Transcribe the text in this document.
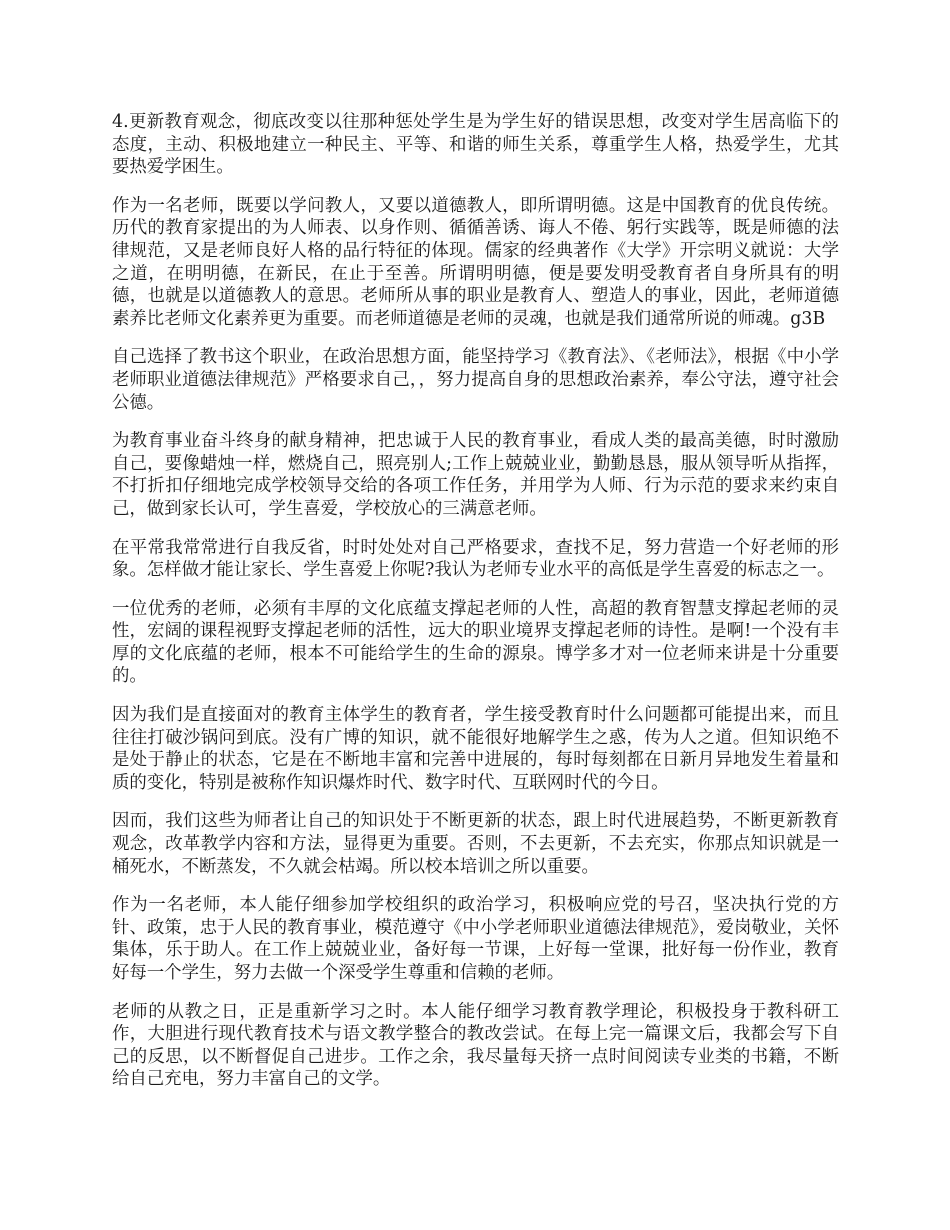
4.更新教育观念，彻底改变以往那种惩处学生是为学生好的错误思想，改变对学生居高临下的态度，主动、积极地建立一种民主、平等、和谐的师生关系，尊重学生人格，热爱学生，尤其要热爱学困生。

作为一名老师，既要以学问教人，又要以道德教人，即所谓明德。这是中国教育的优良传统。历代的教育家提出的为人师表、以身作则、循循善诱、诲人不倦、躬行实践等，既是师德的法律规范，又是老师良好人格的品行特征的体现。儒家的经典著作《大学》开宗明义就说：大学之道，在明明德，在新民，在止于至善。所谓明明德，便是要发明受教育者自身所具有的明德，也就是以道德教人的意思。老师所从事的职业是教育人、塑造人的事业，因此，老师道德素养比老师文化素养更为重要。而老师道德是老师的灵魂，也就是我们通常所说的师魂。g3B

自己选择了教书这个职业，在政治思想方面，能坚持学习《教育法》、《老师法》，根据《中小学老师职业道德法律规范》严格要求自己，，努力提高自身的思想政治素养，奉公守法，遵守社会公德。

为教育事业奋斗终身的献身精神，把忠诚于人民的教育事业，看成人类的最高美德，时时激励自己，要像蜡烛一样，燃烧自己，照亮别人;工作上兢兢业业，勤勤恳恳，服从领导听从指挥，不打折扣仔细地完成学校领导交给的各项工作任务，并用学为人师、行为示范的要求来约束自己，做到家长认可，学生喜爱，学校放心的三满意老师。

在平常我常常进行自我反省，时时处处对自己严格要求，查找不足，努力营造一个好老师的形象。怎样做才能让家长、学生喜爱上你呢?我认为老师专业水平的高低是学生喜爱的标志之一。

一位优秀的老师，必须有丰厚的文化底蕴支撑起老师的人性，高超的教育智慧支撑起老师的灵性，宏阔的课程视野支撑起老师的活性，远大的职业境界支撑起老师的诗性。是啊!一个没有丰厚的文化底蕴的老师，根本不可能给学生的生命的源泉。博学多才对一位老师来讲是十分重要的。

因为我们是直接面对的教育主体学生的教育者，学生接受教育时什么问题都可能提出来，而且往往打破沙锅问到底。没有广博的知识，就不能很好地解学生之惑，传为人之道。但知识绝不是处于静止的状态，它是在不断地丰富和完善中进展的，每时每刻都在日新月异地发生着量和质的变化，特别是被称作知识爆炸时代、数字时代、互联网时代的今日。

因而，我们这些为师者让自己的知识处于不断更新的状态，跟上时代进展趋势，不断更新教育观念，改革教学内容和方法，显得更为重要。否则，不去更新，不去充实，你那点知识就是一桶死水，不断蒸发，不久就会枯竭。所以校本培训之所以重要。

作为一名老师，本人能仔细参加学校组织的政治学习，积极响应党的号召，坚决执行党的方针、政策，忠于人民的教育事业，模范遵守《中小学老师职业道德法律规范》，爱岗敬业，关怀集体，乐于助人。在工作上兢兢业业，备好每一节课，上好每一堂课，批好每一份作业，教育好每一个学生，努力去做一个深受学生尊重和信赖的老师。

老师的从教之日，正是重新学习之时。本人能仔细学习教育教学理论，积极投身于教科研工作，大胆进行现代教育技术与语文教学整合的教改尝试。在每上完一篇课文后，我都会写下自己的反思，以不断督促自己进步。工作之余，我尽量每天挤一点时间阅读专业类的书籍，不断给自己充电，努力丰富自己的文学。
